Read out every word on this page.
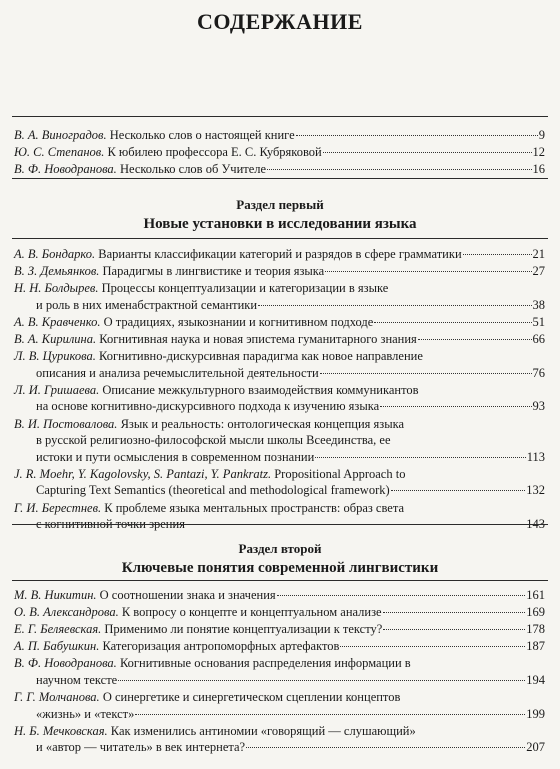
СОДЕРЖАНИЕ
В. А. Виноградов. Несколько слов о настоящей книге	9
Ю. С. Степанов. К юбилею профессора Е. С. Кубряковой	12
В. Ф. Новодранова. Несколько слов об Учителе	16
Раздел первый
Новые установки в исследовании языка
А. В. Бондарко. Варианты классификации категорий и разрядов в сфере грамматики	21
В. З. Демьянков. Парадигмы в лингвистике и теория языка	27
Н. Н. Болдырев. Процессы концептуализации и категоризации в языке
и роль в них именабстрактной семантики	38
А. В. Кравченко. О традициях, языкознании и когнитивном подходе	51
В. А. Кирилина. Когнитивная наука и новая эпистема гуманитарного знания	66
Л. В. Цурикова. Когнитивно-дискурсивная парадигма как новое направление
описания и анализа речемыслительной деятельности	76
Л. И. Гришаева. Описание межкультурного взаимодействия коммуникантов
на основе когнитивно-дискурсивного подхода к изучению языка	93
В. И. Постовалова. Язык и реальность: онтологическая концепция языка
в русской религиозно-философской мысли школы Всеединства, ее
истоки и пути осмысления в современном познании	113
J. R. Moehr, Y. Kagolovsky, S. Pantazi, Y. Pankratz. Propositional Approach to
Capturing Text Semantics (theoretical and methodological framework)	132
Г. И. Берестнев. К проблеме языка ментальных пространств: образ света
с когнитивной точки зрения	143
Раздел второй
Ключевые понятия современной лингвистики
М. В. Никитин. О соотношении знака и значения	161
О. В. Александрова. К вопросу о концепте и концептуальном анализе	169
Е. Г. Беляевская. Применимо ли понятие концептуализации к тексту?	178
А. П. Бабушкин. Категоризация антропоморфных артефактов	187
В. Ф. Новодранова. Когнитивные основания распределения информации в
научном тексте	194
Г. Г. Молчанова. О синергетике и синергетическом сцеплении концептов
«жизнь» и «текст»	199
Н. Б. Мечковская. Как изменились антиномии «говорящий — слушающий»
и «автор — читатель» в век интернета?	207
